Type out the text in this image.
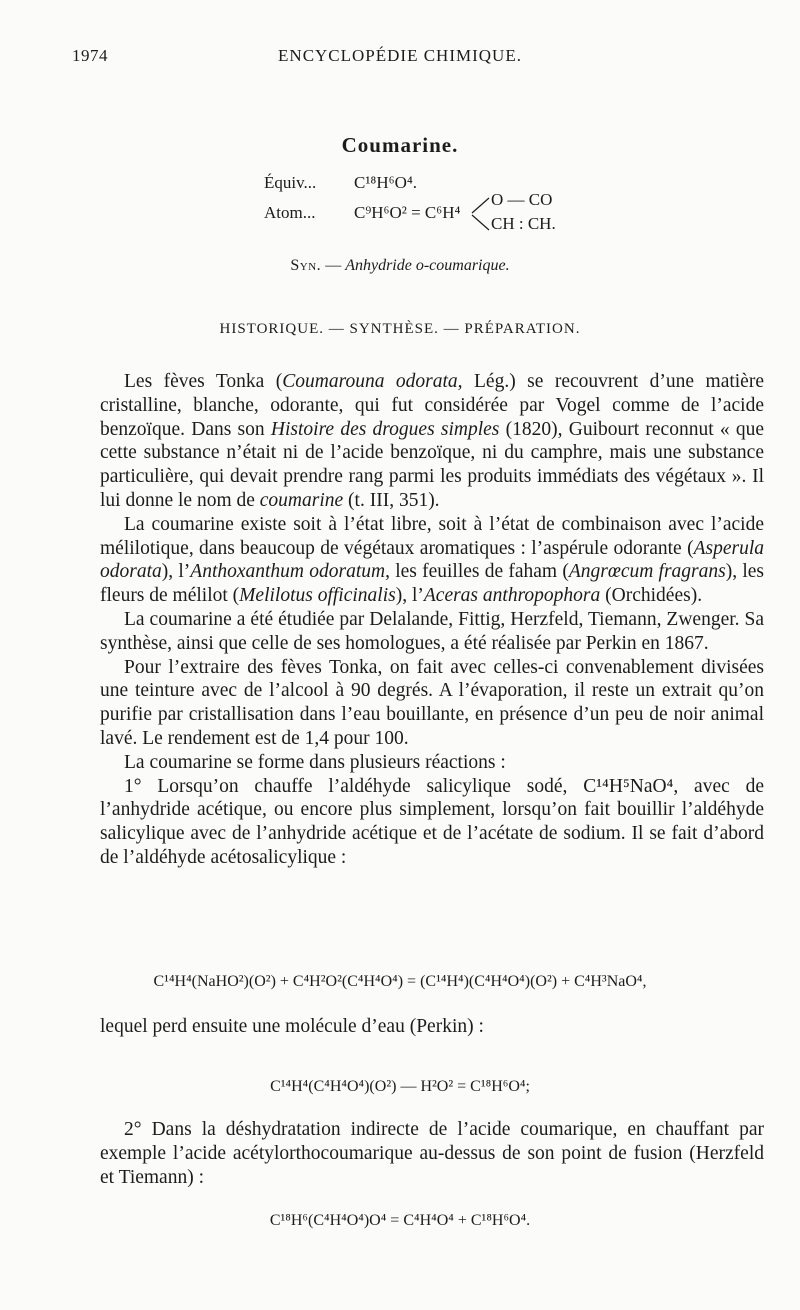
1974	ENCYCLOPÉDIE CHIMIQUE.
Coumarine.
Équiv... C¹⁸H⁶O⁴.
Atom... C⁹H⁶O² = C⁶H⁴
O — CO
CH : CH.
Syn. — Anhydride o-coumarique.
HISTORIQUE. — SYNTHÈSE. — PRÉPARATION.

Les fèves Tonka (Coumarouna odorata, Lég.) se recouvrent d’une matière cristalline, blanche, odorante, qui fut considérée par Vogel comme de l’acide benzoïque. Dans son Histoire des drogues simples (1820), Guibourt reconnut « que cette substance n’était ni de l’acide benzoïque, ni du camphre, mais une substance particulière, qui devait prendre rang parmi les produits immédiats des végétaux ». Il lui donne le nom de coumarine (t. III, 351).

La coumarine existe soit à l’état libre, soit à l’état de combinaison avec l’acide mélilotique, dans beaucoup de végétaux aromatiques : l’aspérule odorante (Asperula odorata), l’Anthoxanthum odoratum, les feuilles de faham (Angrœcum fragrans), les fleurs de mélilot (Melilotus officinalis), l’Aceras anthropophora (Orchidées).

La coumarine a été étudiée par Delalande, Fittig, Herzfeld, Tiemann, Zwenger. Sa synthèse, ainsi que celle de ses homologues, a été réalisée par Perkin en 1867.

Pour l’extraire des fèves Tonka, on fait avec celles-ci convenablement divisées une teinture avec de l’alcool à 90 degrés. A l’évaporation, il reste un extrait qu’on purifie par cristallisation dans l’eau bouillante, en présence d’un peu de noir animal lavé. Le rendement est de 1,4 pour 100.

La coumarine se forme dans plusieurs réactions :

1° Lorsqu’on chauffe l’aldéhyde salicylique sodé, C¹⁴H⁵NaO⁴, avec de l’anhydride acétique, ou encore plus simplement, lorsqu’on fait bouillir l’aldéhyde salicylique avec de l’anhydride acétique et de l’acétate de sodium. Il se fait d’abord de l’aldéhyde acétosalicylique :

C¹⁴H⁴(NaHO²)(O²) + C⁴H²O²(C⁴H⁴O⁴) = (C¹⁴H⁴)(C⁴H⁴O⁴)(O²) + C⁴H³NaO⁴,

lequel perd ensuite une molécule d’eau (Perkin) :

C¹⁴H⁴(C⁴H⁴O⁴)(O²) — H²O² = C¹⁸H⁶O⁴;

2° Dans la déshydratation indirecte de l’acide coumarique, en chauffant par exemple l’acide acétylorthocoumarique au-dessus de son point de fusion (Herzfeld et Tiemann) :

C¹⁸H⁶(C⁴H⁴O⁴)O⁴ = C⁴H⁴O⁴ + C¹⁸H⁶O⁴.
